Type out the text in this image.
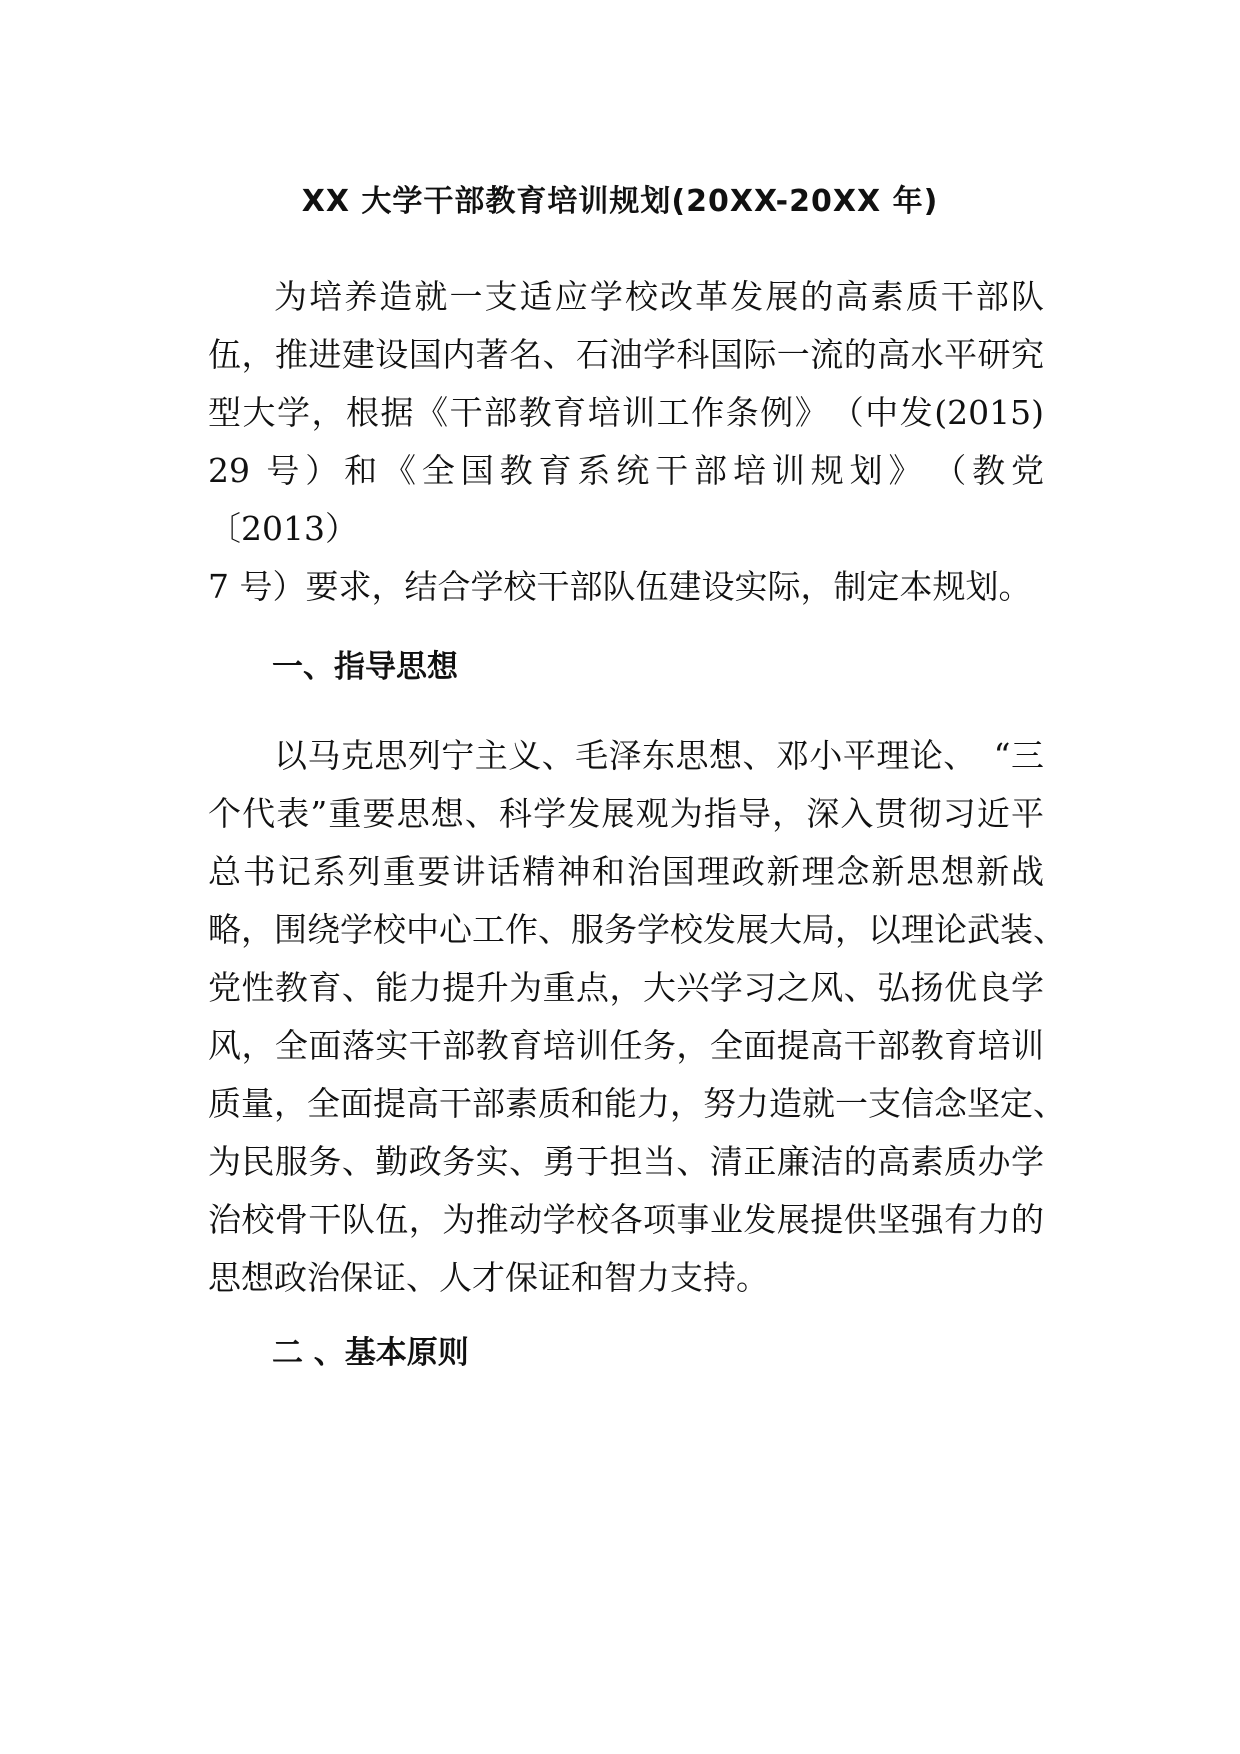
XX 大学干部教育培训规划(20XX-20XX 年)

为培养造就一支适应学校改革发展的高素质干部队
伍，推进建设国内著名、石油学科国际一流的高水平研究
型大学，根据《干部教育培训工作条例》　（中发(2015)
29 号）和《全国教育系统干部培训规划》　（教党
〔2013）
7 号）要求，结合学校干部队伍建设实际，制定本规划。

一、指导思想

以马克思列宁主义、毛泽东思想、邓小平理论、　“三
个代表”重要思想、科学发展观为指导，深入贯彻习近平
总书记系列重要讲话精神和治国理政新理念新思想新战
略，围绕学校中心工作、服务学校发展大局，以理论武装、
党性教育、能力提升为重点，大兴学习之风、弘扬优良学
风，全面落实干部教育培训任务，全面提高干部教育培训
质量，全面提高干部素质和能力，努力造就一支信念坚定、
为民服务、勤政务实、勇于担当、清正廉洁的高素质办学
治校骨干队伍，为推动学校各项事业发展提供坚强有力的
思想政治保证、人才保证和智力支持。

二 、基本原则
